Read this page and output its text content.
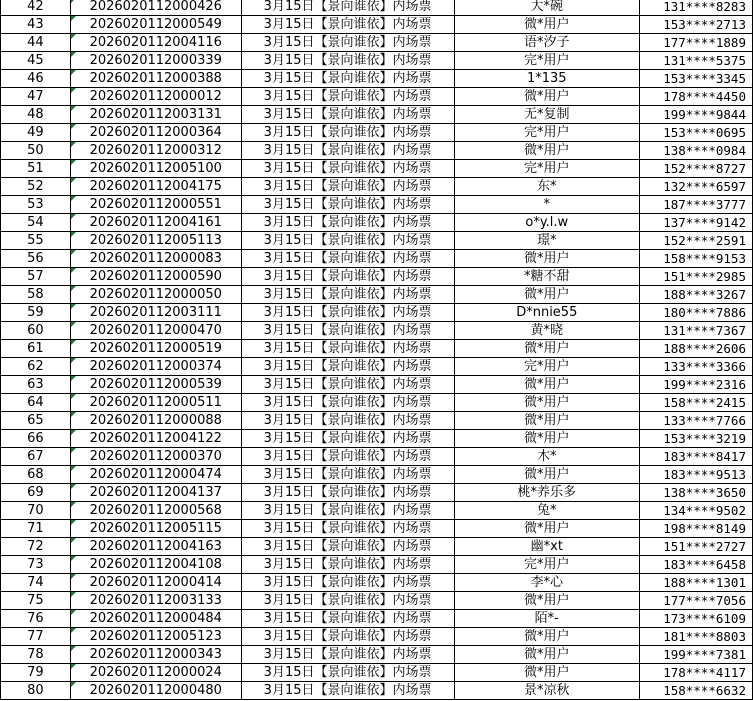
42	2026020112000426	3月15日【景向谁依】内场票	大*碗	131****8283
43	2026020112000549	3月15日【景向谁依】内场票	微*用户	153****2713
44	2026020112004116	3月15日【景向谁依】内场票	语*汐子	177****1889
45	2026020112000339	3月15日【景向谁依】内场票	完*用户	131****5375
46	2026020112000388	3月15日【景向谁依】内场票	1*135	153****3345
47	2026020112000012	3月15日【景向谁依】内场票	微*用户	178****4450
48	2026020112003131	3月15日【景向谁依】内场票	无*复制	199****9844
49	2026020112000364	3月15日【景向谁依】内场票	完*用户	153****0695
50	2026020112000312	3月15日【景向谁依】内场票	微*用户	138****0984
51	2026020112005100	3月15日【景向谁依】内场票	完*用户	152****8727
52	2026020112004175	3月15日【景向谁依】内场票	东*	132****6597
53	2026020112000551	3月15日【景向谁依】内场票	*	187****3777
54	2026020112004161	3月15日【景向谁依】内场票	o*y.l.w	137****9142
55	2026020112005113	3月15日【景向谁依】内场票	璟*	152****2591
56	2026020112000083	3月15日【景向谁依】内场票	微*用户	158****9153
57	2026020112000590	3月15日【景向谁依】内场票	*糖不甜	151****2985
58	2026020112000050	3月15日【景向谁依】内场票	微*用户	188****3267
59	2026020112003111	3月15日【景向谁依】内场票	D*nnie55	180****7886
60	2026020112000470	3月15日【景向谁依】内场票	黄*晓	131****7367
61	2026020112000519	3月15日【景向谁依】内场票	微*用户	188****2606
62	2026020112000374	3月15日【景向谁依】内场票	完*用户	133****3366
63	2026020112000539	3月15日【景向谁依】内场票	微*用户	199****2316
64	2026020112000511	3月15日【景向谁依】内场票	微*用户	158****2415
65	2026020112000088	3月15日【景向谁依】内场票	微*用户	133****7766
66	2026020112004122	3月15日【景向谁依】内场票	微*用户	153****3219
67	2026020112000370	3月15日【景向谁依】内场票	木*	183****8417
68	2026020112000474	3月15日【景向谁依】内场票	微*用户	183****9513
69	2026020112004137	3月15日【景向谁依】内场票	桃*养乐多	138****3650
70	2026020112000568	3月15日【景向谁依】内场票	兔*	134****9502
71	2026020112005115	3月15日【景向谁依】内场票	微*用户	198****8149
72	2026020112004163	3月15日【景向谁依】内场票	幽*xt	151****2727
73	2026020112004108	3月15日【景向谁依】内场票	完*用户	183****6458
74	2026020112000414	3月15日【景向谁依】内场票	李*心	188****1301
75	2026020112003133	3月15日【景向谁依】内场票	微*用户	177****7056
76	2026020112000484	3月15日【景向谁依】内场票	陌*-	173****6109
77	2026020112005123	3月15日【景向谁依】内场票	微*用户	181****8803
78	2026020112000343	3月15日【景向谁依】内场票	微*用户	199****7381
79	2026020112000024	3月15日【景向谁依】内场票	微*用户	178****4117
80	2026020112000480	3月15日【景向谁依】内场票	景*凉秋	158****6632
